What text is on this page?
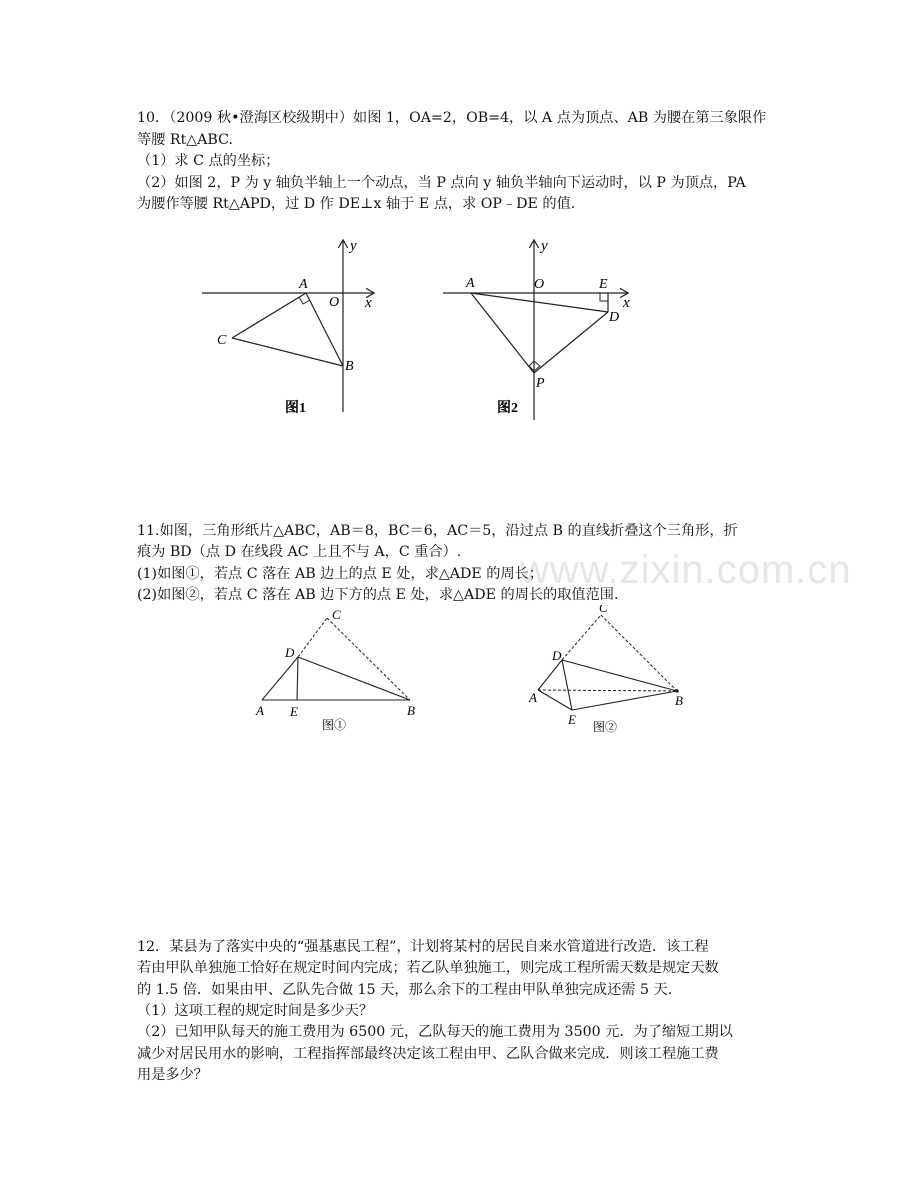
www.zixin.com.cn
10．（2009 秋•澄海区校级期中）如图 1，OA=2，OB=4，以 A 点为顶点、AB 为腰在第三象限作
等腰 Rt△ABC.
（1）求 C 点的坐标；
（2）如图 2，P 为 y 轴负半轴上一个动点，当 P 点向 y 轴负半轴向下运动时，以 P 为顶点，PA
为腰作等腰 Rt△APD，过 D 作 DE⊥x 轴于 E 点，求 OP﹣DE 的值.
y
x
A
O
C
B
图1
y
x
A	O	E
D
P
图2
11.如图，三角形纸片△ABC，AB＝8，BC＝6，AC＝5，沿过点 B 的直线折叠这个三角形，折
痕为 BD（点 D 在线段 AC 上且不与 A，C 重合）.
(1)如图①，若点 C 落在 AB 边上的点 E 处，求△ADE 的周长；
(2)如图②，若点 C 落在 AB 边下方的点 E 处，求△ADE 的周长的取值范围.
C
D
A E	B
图①
C
D
A
E
B
图②
12．某县为了落实中央的“强基惠民工程”，计划将某村的居民自来水管道进行改造．该工程
若由甲队单独施工恰好在规定时间内完成；若乙队单独施工，则完成工程所需天数是规定天数
的 1.5 倍．如果由甲、乙队先合做 15 天，那么余下的工程由甲队单独完成还需 5 天．
（1）这项工程的规定时间是多少天？
（2）已知甲队每天的施工费用为 6500 元，乙队每天的施工费用为 3500 元．为了缩短工期以
减少对居民用水的影响，工程指挥部最终决定该工程由甲、乙队合做来完成．则该工程施工费
用是多少？
